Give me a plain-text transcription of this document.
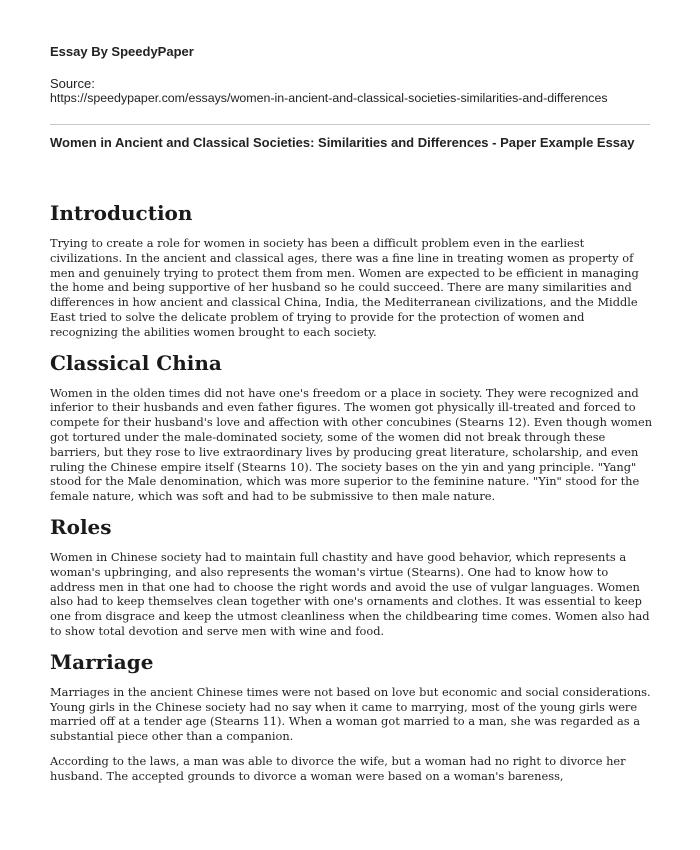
Essay By SpeedyPaper
Source:
https://speedypaper.com/essays/women-in-ancient-and-classical-societies-similarities-and-differences
Women in Ancient and Classical Societies: Similarities and Differences - Paper Example Essay
Introduction

Trying to create a role for women in society has been a difficult problem even in the earliest civilizations. In the ancient and classical ages, there was a fine line in treating women as property of men and genuinely trying to protect them from men. Women are expected to be efficient in managing the home and being supportive of her husband so he could succeed. There are many similarities and differences in how ancient and classical China, India, the Mediterranean civilizations, and the Middle East tried to solve the delicate problem of trying to provide for the protection of women and recognizing the abilities women brought to each society.

Classical China

Women in the olden times did not have one's freedom or a place in society. They were recognized and inferior to their husbands and even father figures. The women got physically ill-treated and forced to compete for their husband's love and affection with other concubines (Stearns 12). Even though women got tortured under the male-dominated society, some of the women did not break through these barriers, but they rose to live extraordinary lives by producing great literature, scholarship, and even ruling the Chinese empire itself (Stearns 10). The society bases on the yin and yang principle. "Yang" stood for the Male denomination, which was more superior to the feminine nature. "Yin" stood for the female nature, which was soft and had to be submissive to then male nature.

Roles

Women in Chinese society had to maintain full chastity and have good behavior, which represents a woman's upbringing, and also represents the woman's virtue (Stearns). One had to know how to address men in that one had to choose the right words and avoid the use of vulgar languages. Women also had to keep themselves clean together with one's ornaments and clothes. It was essential to keep one from disgrace and keep the utmost cleanliness when the childbearing time comes. Women also had to show total devotion and serve men with wine and food.

Marriage

Marriages in the ancient Chinese times were not based on love but economic and social considerations. Young girls in the Chinese society had no say when it came to marrying, most of the young girls were married off at a tender age (Stearns 11). When a woman got married to a man, she was regarded as a substantial piece other than a companion.

According to the laws, a man was able to divorce the wife, but a woman had no right to divorce her husband. The accepted grounds to divorce a woman were based on a woman's bareness,
